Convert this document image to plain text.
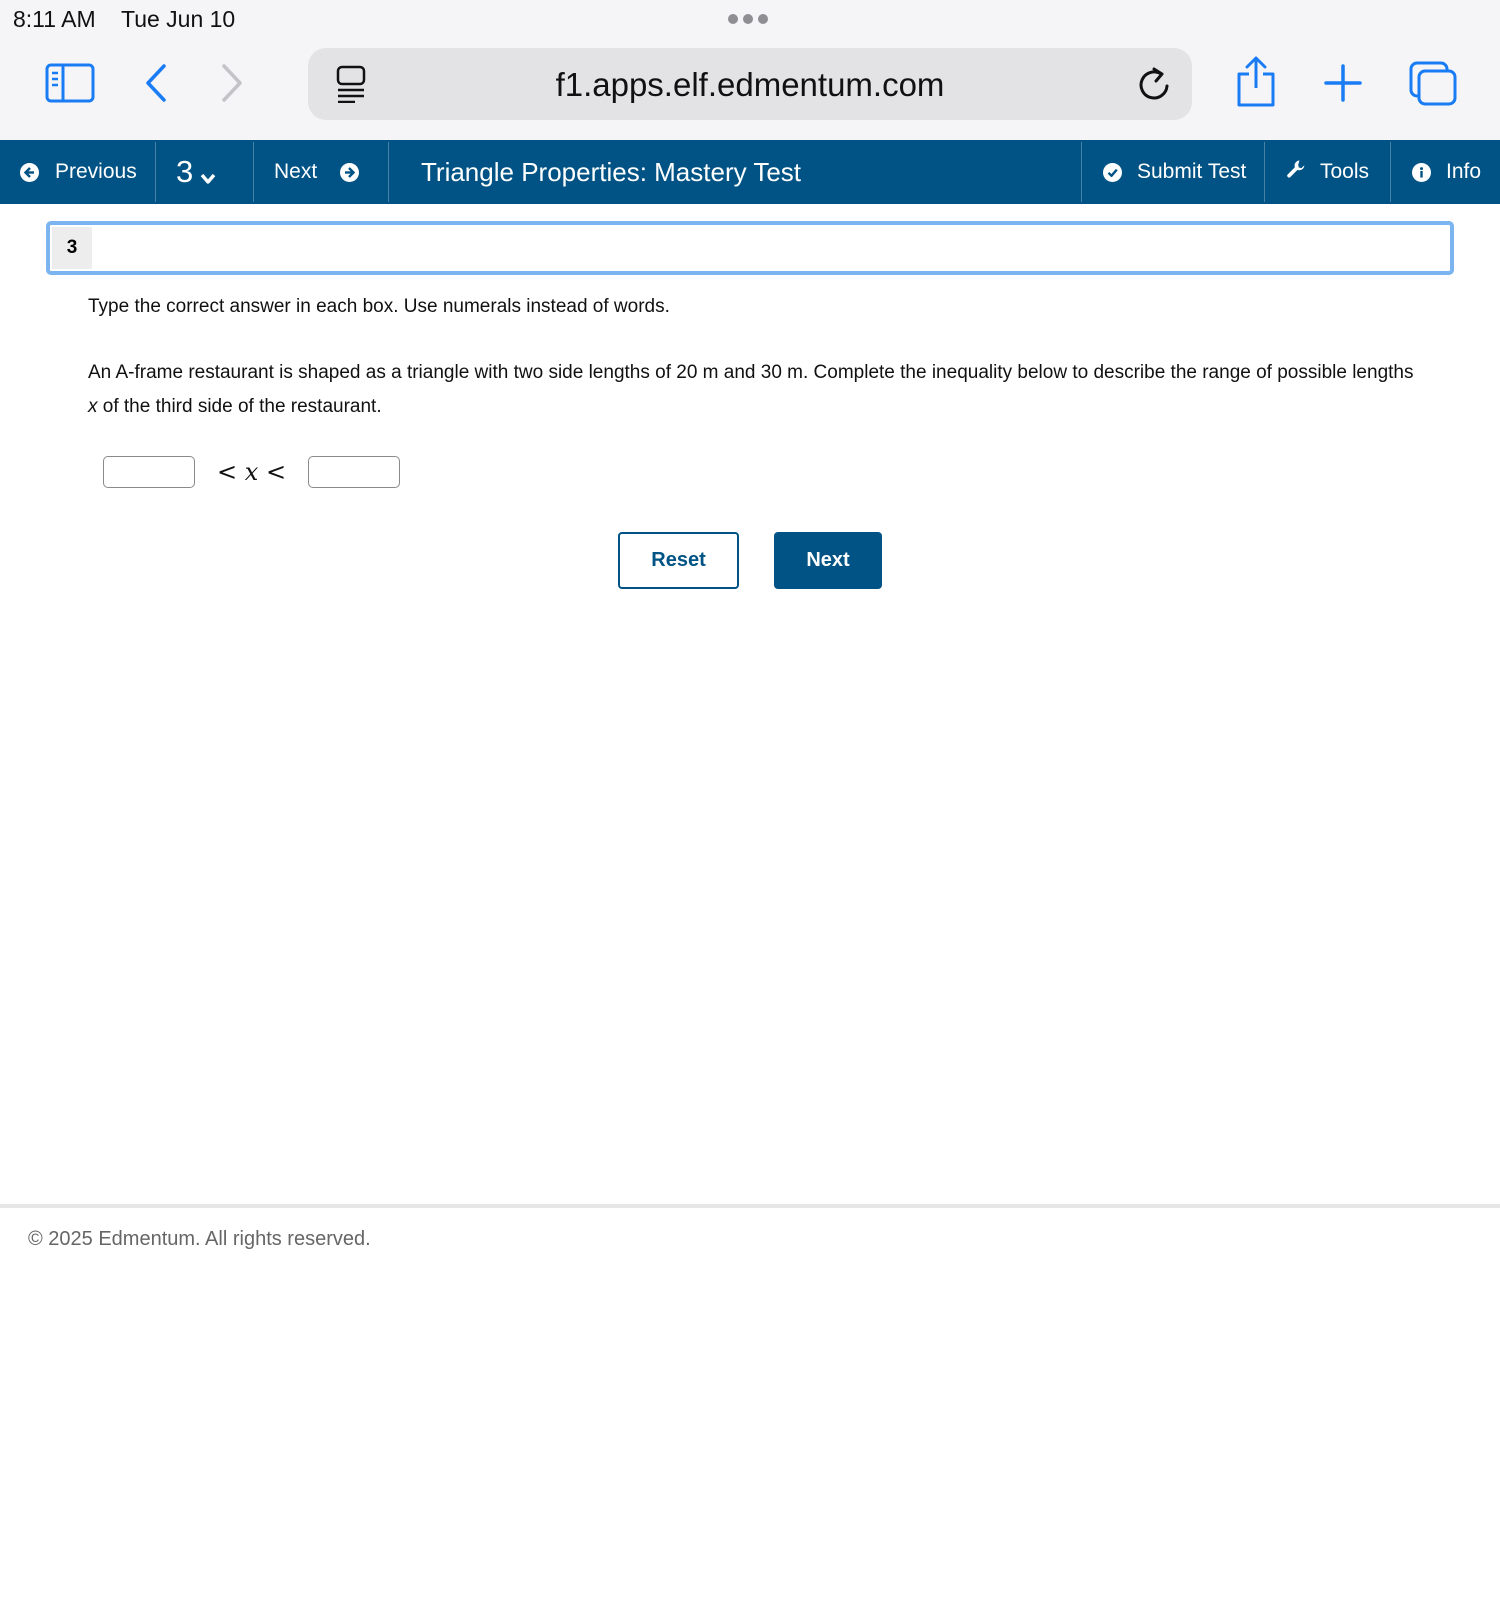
8:11 AM Tue Jun 10
f1.apps.elf.edmentum.com
Previous 3	Next	Triangle Properties: Mastery Test	Submit Test	Tools	Info
3
Type the correct answer in each box. Use numerals instead of words.
An A-frame restaurant is shaped as a triangle with two side lengths of 20 m and 30 m. Complete the inequality below to describe the range of possible lengths x of the third side of the restaurant.
< x <
Reset	Next
© 2025 Edmentum. All rights reserved.
